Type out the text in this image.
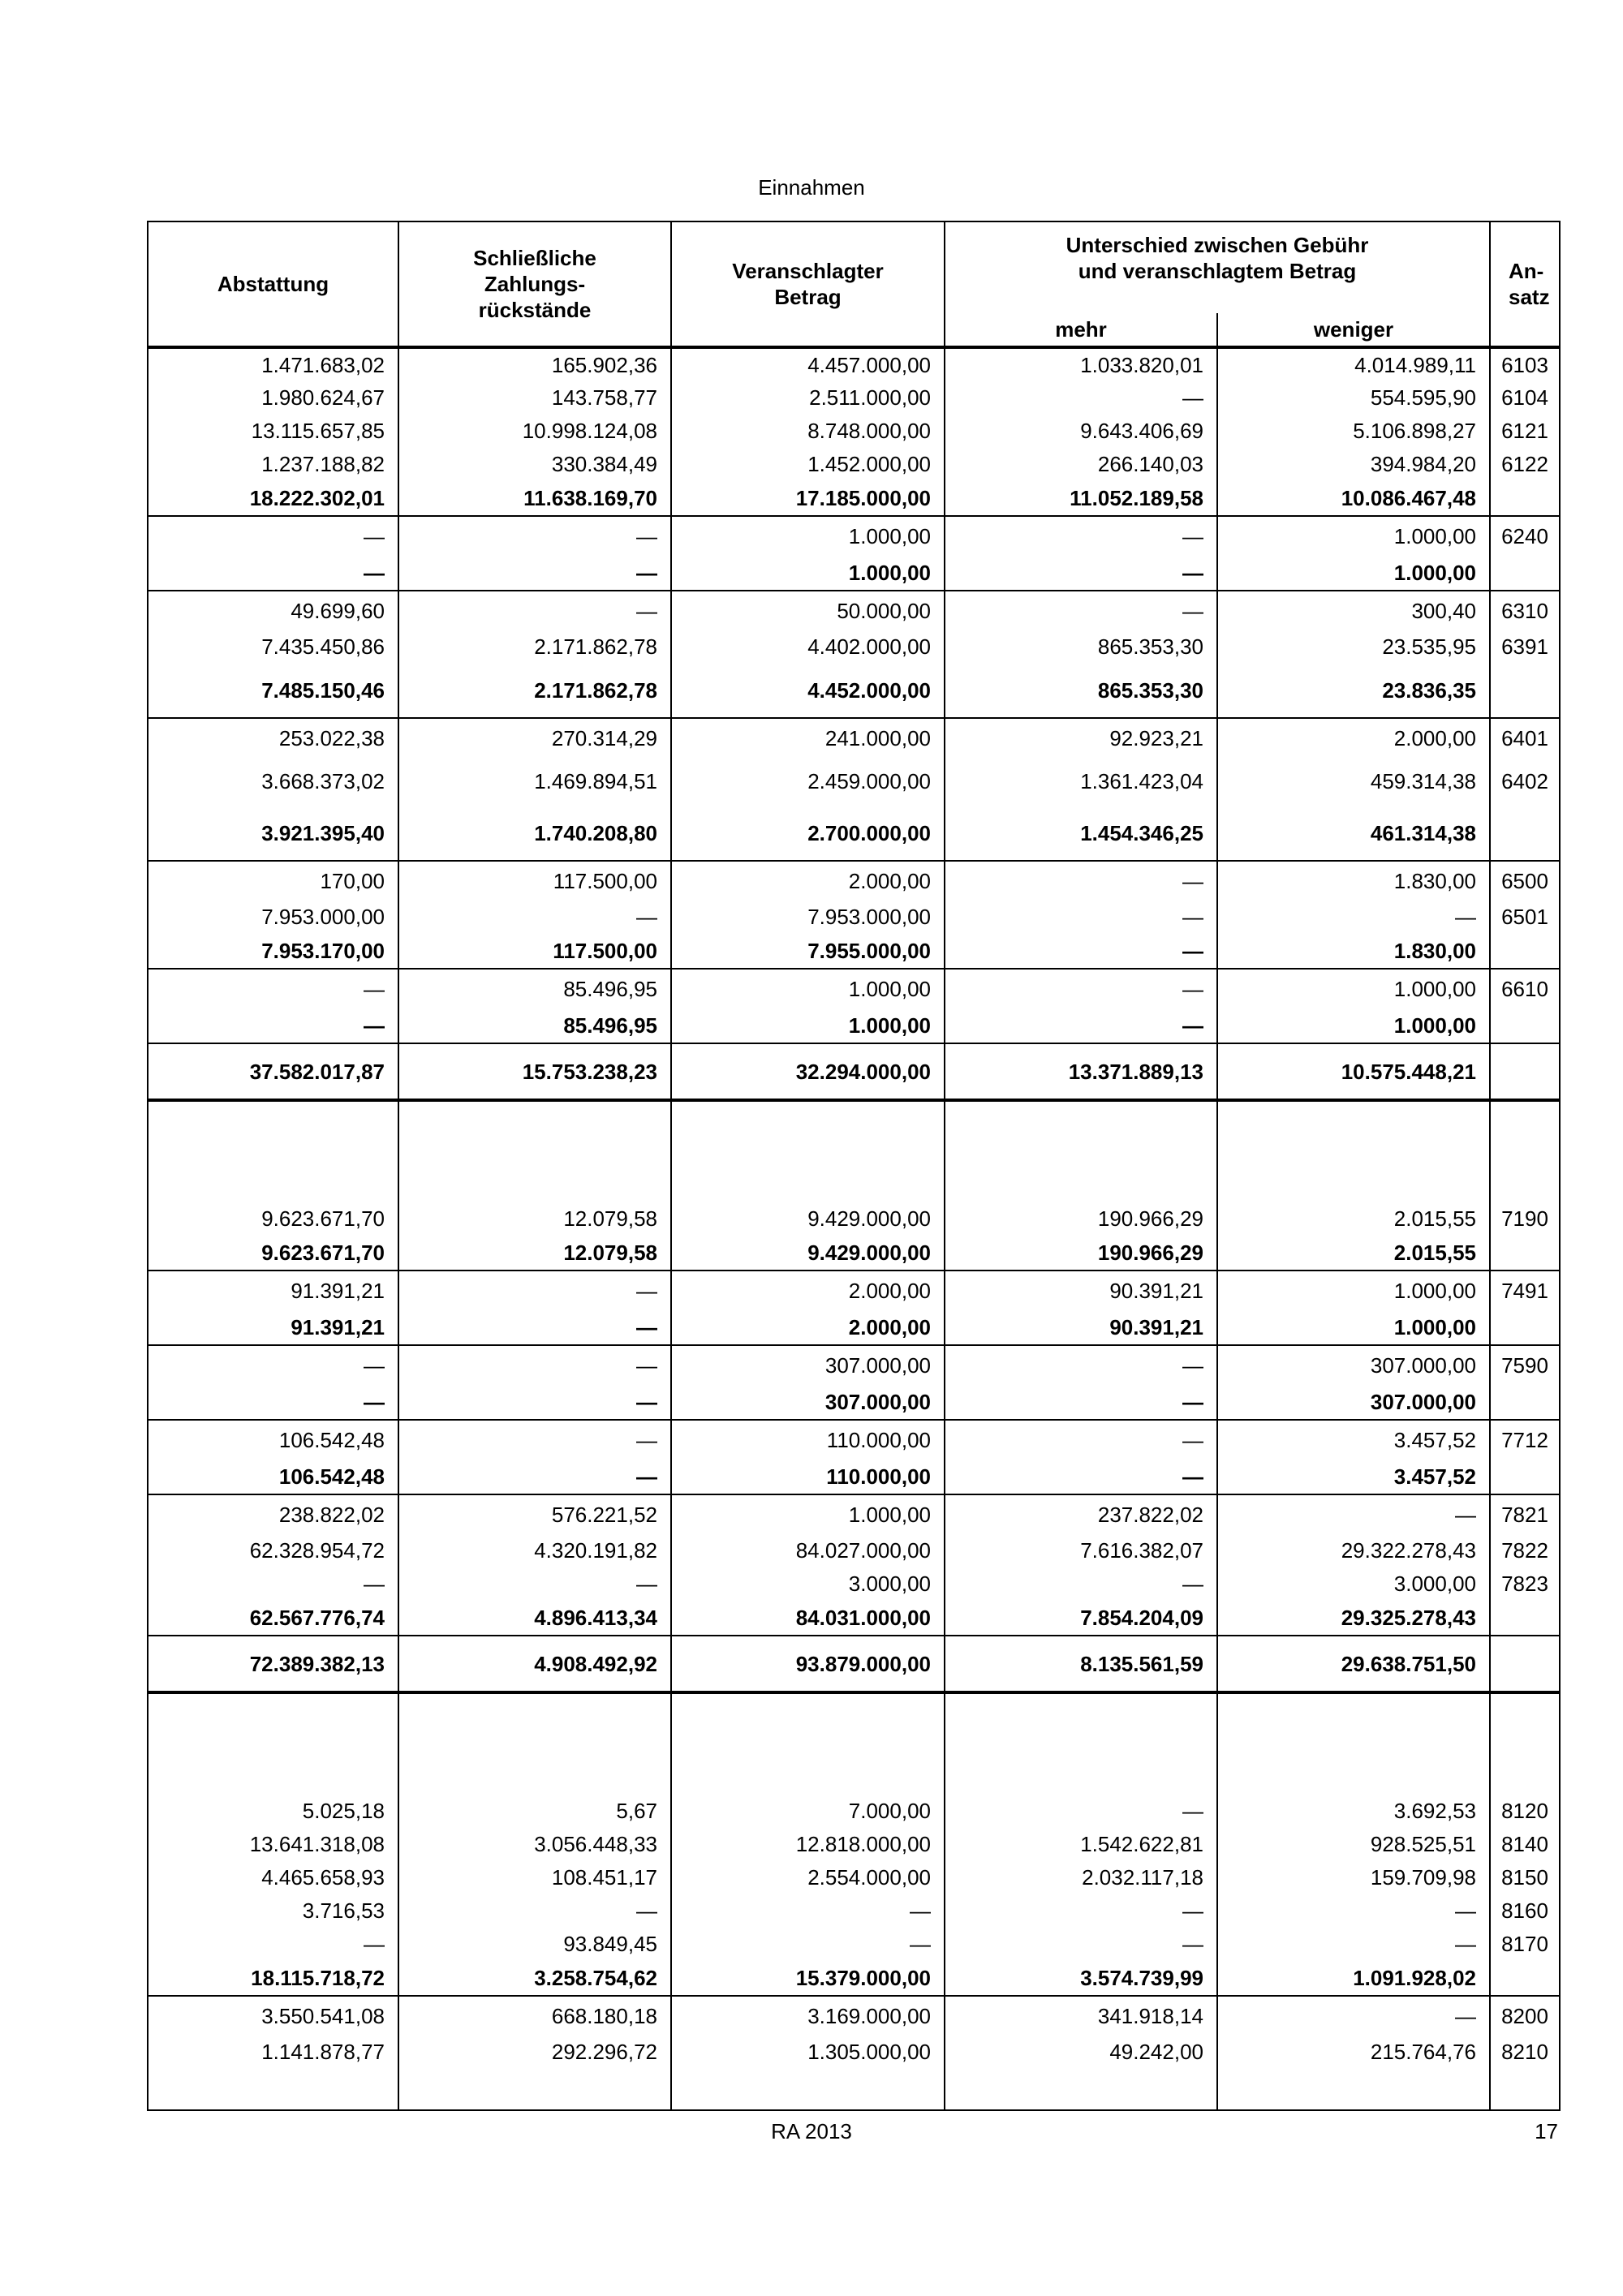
Einnahmen
Abstattung	Schließliche Zahlungs- rückstände	Veranschlagter Betrag	Unterschied zwischen Gebühr und veranschlagtem Betrag		An- satz
			mehr	weniger	

1.471.683,02	165.902,36	4.457.000,00	1.033.820,01	4.014.989,11	6103
1.980.624,67	143.758,77	2.511.000,00	—	554.595,90	6104
13.115.657,85	10.998.124,08	8.748.000,00	9.643.406,69	5.106.898,27	6121
1.237.188,82	330.384,49	1.452.000,00	266.140,03	394.984,20	6122
18.222.302,01	11.638.169,70	17.185.000,00	11.052.189,58	10.086.467,48	
—	—	1.000,00	—	1.000,00	6240
—	—	1.000,00	—	1.000,00	
49.699,60	—	50.000,00	—	300,40	6310
7.435.450,86	2.171.862,78	4.402.000,00	865.353,30	23.535,95	6391
7.485.150,46	2.171.862,78	4.452.000,00	865.353,30	23.836,35	
253.022,38	270.314,29	241.000,00	92.923,21	2.000,00	6401
3.668.373,02	1.469.894,51	2.459.000,00	1.361.423,04	459.314,38	6402
3.921.395,40	1.740.208,80	2.700.000,00	1.454.346,25	461.314,38	
170,00	117.500,00	2.000,00	—	1.830,00	6500
7.953.000,00	—	7.953.000,00	—	—	6501
7.953.170,00	117.500,00	7.955.000,00	—	1.830,00	
—	85.496,95	1.000,00	—	1.000,00	6610
—	85.496,95	1.000,00	—	1.000,00	
37.582.017,87	15.753.238,23	32.294.000,00	13.371.889,13	10.575.448,21	

9.623.671,70	12.079,58	9.429.000,00	190.966,29	2.015,55	7190
9.623.671,70	12.079,58	9.429.000,00	190.966,29	2.015,55	
91.391,21	—	2.000,00	90.391,21	1.000,00	7491
91.391,21	—	2.000,00	90.391,21	1.000,00	
—	—	307.000,00	—	307.000,00	7590
—	—	307.000,00	—	307.000,00	
106.542,48	—	110.000,00	—	3.457,52	7712
106.542,48	—	110.000,00	—	3.457,52	
238.822,02	576.221,52	1.000,00	237.822,02	—	7821
62.328.954,72	4.320.191,82	84.027.000,00	7.616.382,07	29.322.278,43	7822
—	—	3.000,00	—	3.000,00	7823
62.567.776,74	4.896.413,34	84.031.000,00	7.854.204,09	29.325.278,43	
72.389.382,13	4.908.492,92	93.879.000,00	8.135.561,59	29.638.751,50	

5.025,18	5,67	7.000,00	—	3.692,53	8120
13.641.318,08	3.056.448,33	12.818.000,00	1.542.622,81	928.525,51	8140
4.465.658,93	108.451,17	2.554.000,00	2.032.117,18	159.709,98	8150
3.716,53	—	—	—	—	8160
—	93.849,45	—	—	—	8170
18.115.718,72	3.258.754,62	15.379.000,00	3.574.739,99	1.091.928,02	
3.550.541,08	668.180,18	3.169.000,00	341.918,14	—	8200
1.141.878,77	292.296,72	1.305.000,00	49.242,00	215.764,76	8210

RA 2013	17
